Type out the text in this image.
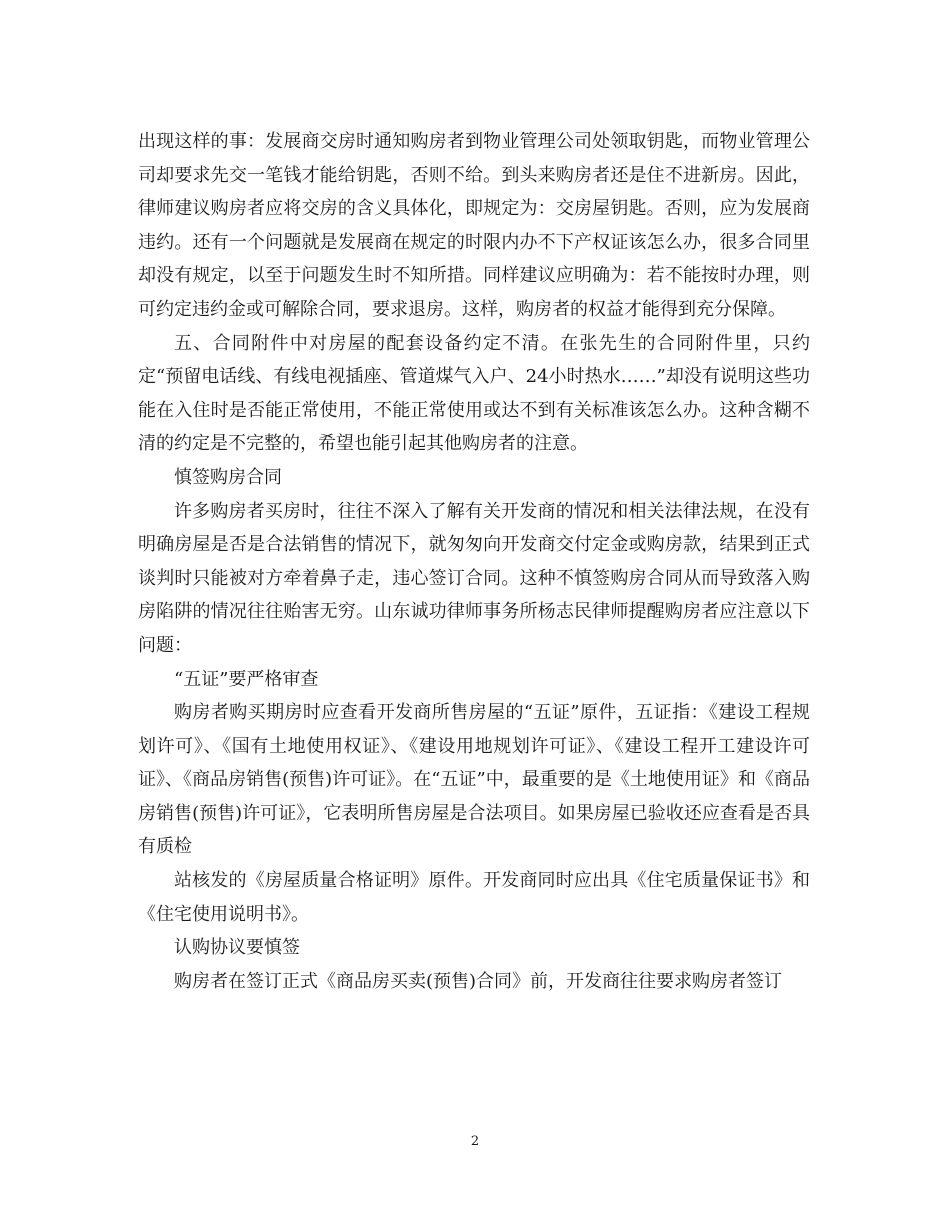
出现这样的事：发展商交房时通知购房者到物业管理公司处领取钥匙，而物业管理公司却要求先交一笔钱才能给钥匙，否则不给。到头来购房者还是住不进新房。因此，律师建议购房者应将交房的含义具体化，即规定为：交房屋钥匙。否则，应为发展商违约。还有一个问题就是发展商在规定的时限内办不下产权证该怎么办，很多合同里却没有规定，以至于问题发生时不知所措。同样建议应明确为：若不能按时办理，则可约定违约金或可解除合同，要求退房。这样，购房者的权益才能得到充分保障。

五、合同附件中对房屋的配套设备约定不清。在张先生的合同附件里，只约定“预留电话线、有线电视插座、管道煤气入户、24小时热水……”却没有说明这些功能在入住时是否能正常使用，不能正常使用或达不到有关标准该怎么办。这种含糊不清的约定是不完整的，希望也能引起其他购房者的注意。

慎签购房合同

许多购房者买房时，往往不深入了解有关开发商的情况和相关法律法规，在没有明确房屋是否是合法销售的情况下，就匆匆向开发商交付定金或购房款，结果到正式谈判时只能被对方牵着鼻子走，违心签订合同。这种不慎签购房合同从而导致落入购房陷阱的情况往往贻害无穷。山东诚功律师事务所杨志民律师提醒购房者应注意以下问题：

“五证”要严格审查

购房者购买期房时应查看开发商所售房屋的“五证”原件，五证指：《建设工程规划许可》、《国有土地使用权证》、《建设用地规划许可证》、《建设工程开工建设许可证》、《商品房销售(预售)许可证》。在“五证”中，最重要的是《土地使用证》和《商品房销售(预售)许可证》，它表明所售房屋是合法项目。如果房屋已验收还应查看是否具有质检

站核发的《房屋质量合格证明》原件。开发商同时应出具《住宅质量保证书》和《住宅使用说明书》。

认购协议要慎签

购房者在签订正式《商品房买卖(预售)合同》前，开发商往往要求购房者签订

2
